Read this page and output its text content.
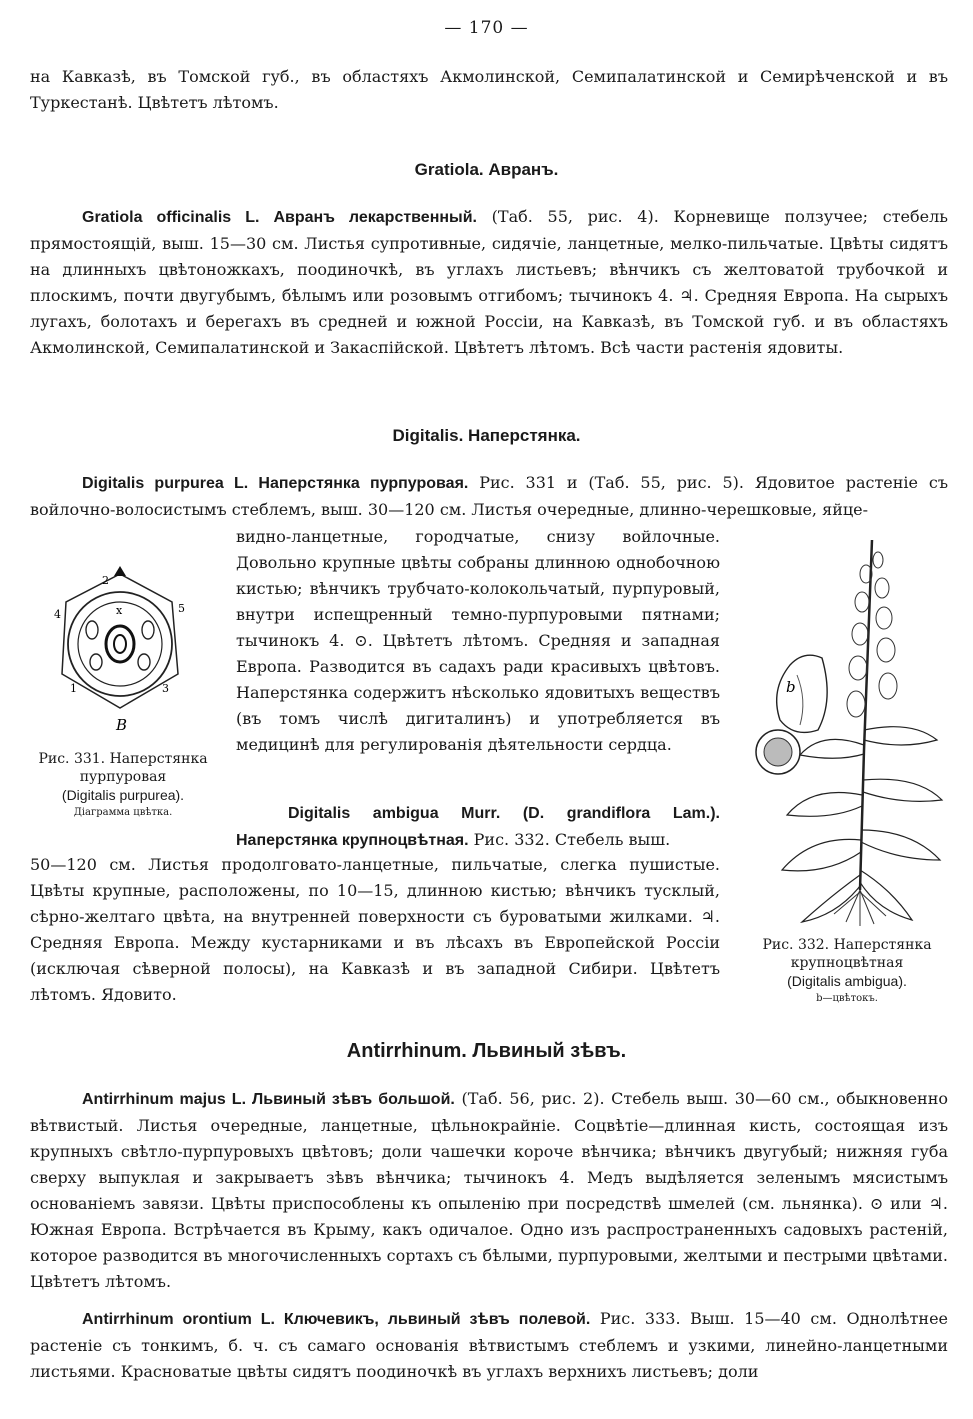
— 170 —

на Кавказѣ, въ Томской губ., въ областяхъ Акмолинской, Семипалатинской и Семирѣченской и въ Туркестанѣ. Цвѣтетъ лѣтомъ.

Gratiola. Авранъ.

Gratiola officinalis L. Авранъ лекарственный. (Таб. 55, рис. 4). Корневище ползучее; стебель прямостоящій, выш. 15—30 см. Листья супротивные, сидячіе, ланцетные, мелко-пильчатые. Цвѣты сидятъ на длинныхъ цвѣтоножкахъ, поодиночкѣ, въ углахъ листьевъ; вѣнчикъ съ желтоватой трубочкой и плоскимъ, почти двугубымъ, бѣлымъ или розовымъ отгибомъ; тычинокъ 4. ♃. Средняя Европа. На сырыхъ лугахъ, болотахъ и берегахъ въ средней и южной Россіи, на Кавказѣ, въ Томской губ. и въ областяхъ Акмолинской, Семипалатинской и Закаспійской. Цвѣтетъ лѣтомъ. Всѣ части растенія ядовиты.

Digitalis. Наперстянка.

Digitalis purpurea L. Наперстянка пурпуровая. Рис. 331 и (Таб. 55, рис. 5). Ядовитое растеніе съ войлочно-волосистымъ стеблемъ, выш. 30—120 см. Листья очередные, длинно-черешковые, яйце-

видно-ланцетные, городчатые, снизу войлочные. Довольно крупные цвѣты собраны длинною однобочною кистью; вѣнчикъ трубчато-колокольчатый, пурпуровый, внутри испещренный темно-пурпуровыми пятнами; тычинокъ 4. ⊙. Цвѣтетъ лѣтомъ. Средняя и западная Европа. Разводится въ садахъ ради красивыхъ цвѣтовъ. Наперстянка содержитъ нѣсколько ядовитыхъ веществъ (въ томъ числѣ дигиталинъ) и употребляется въ медицинѣ для регулированія дѣятельности сердца.

Digitalis ambigua Murr. (D. grandiflora Lam.). Наперстянка крупноцвѣтная. Рис. 332. Стебель выш.

50—120 см. Листья продолговато-ланцетные, пильчатые, слегка пушистые. Цвѣты крупные, расположены, по 10—15, длинною кистью; вѣнчикъ тусклый, сѣрно-желтаго цвѣта, на внутренней поверхности съ буроватыми жилками. ♃. Средняя Европа. Между кустарниками и въ лѣсахъ въ Европейской Россіи (исключая сѣверной полосы), на Кавказѣ и въ западной Сибири. Цвѣтетъ лѣтомъ. Ядовито.

2
x
4	5
1	3
B
Рис. 331. Наперстянка
пурпуровая
(Digitalis purpurea).
Діаграмма цвѣтка.
b
Рис. 332. Наперстянка
крупноцвѣтная
(Digitalis ambigua).
b—цвѣтокъ.
Antirrhinum. Львиный зѣвъ.

Antirrhinum majus L. Львиный зѣвъ большой. (Таб. 56, рис. 2). Стебель выш. 30—60 см., обыкновенно вѣтвистый. Листья очередные, ланцетные, цѣльнокрайніе. Соцвѣтіе—длинная кисть, состоящая изъ крупныхъ свѣтло-пурпуровыхъ цвѣтовъ; доли чашечки короче вѣнчика; вѣнчикъ двугубый; нижняя губа сверху выпуклая и закрываетъ зѣвъ вѣнчика; тычинокъ 4. Медъ выдѣляется зеленымъ мясистымъ основаніемъ завязи. Цвѣты приспособлены къ опыленію при посредствѣ шмелей (см. льнянка). ⊙ или ♃. Южная Европа. Встрѣчается въ Крыму, какъ одичалое. Одно изъ распространенныхъ садовыхъ растеній, которое разводится въ многочисленныхъ сортахъ съ бѣлыми, пурпуровыми, желтыми и пестрыми цвѣтами. Цвѣтетъ лѣтомъ.

Antirrhinum orontium L. Ключевикъ, львиный зѣвъ полевой. Рис. 333. Выш. 15—40 см. Однолѣтнее растеніе съ тонкимъ, б. ч. съ самаго основанія вѣтвистымъ стеблемъ и узкими, линейно-ланцетными листьями. Красноватые цвѣты сидятъ поодиночкѣ въ углахъ верхнихъ листьевъ; доли
